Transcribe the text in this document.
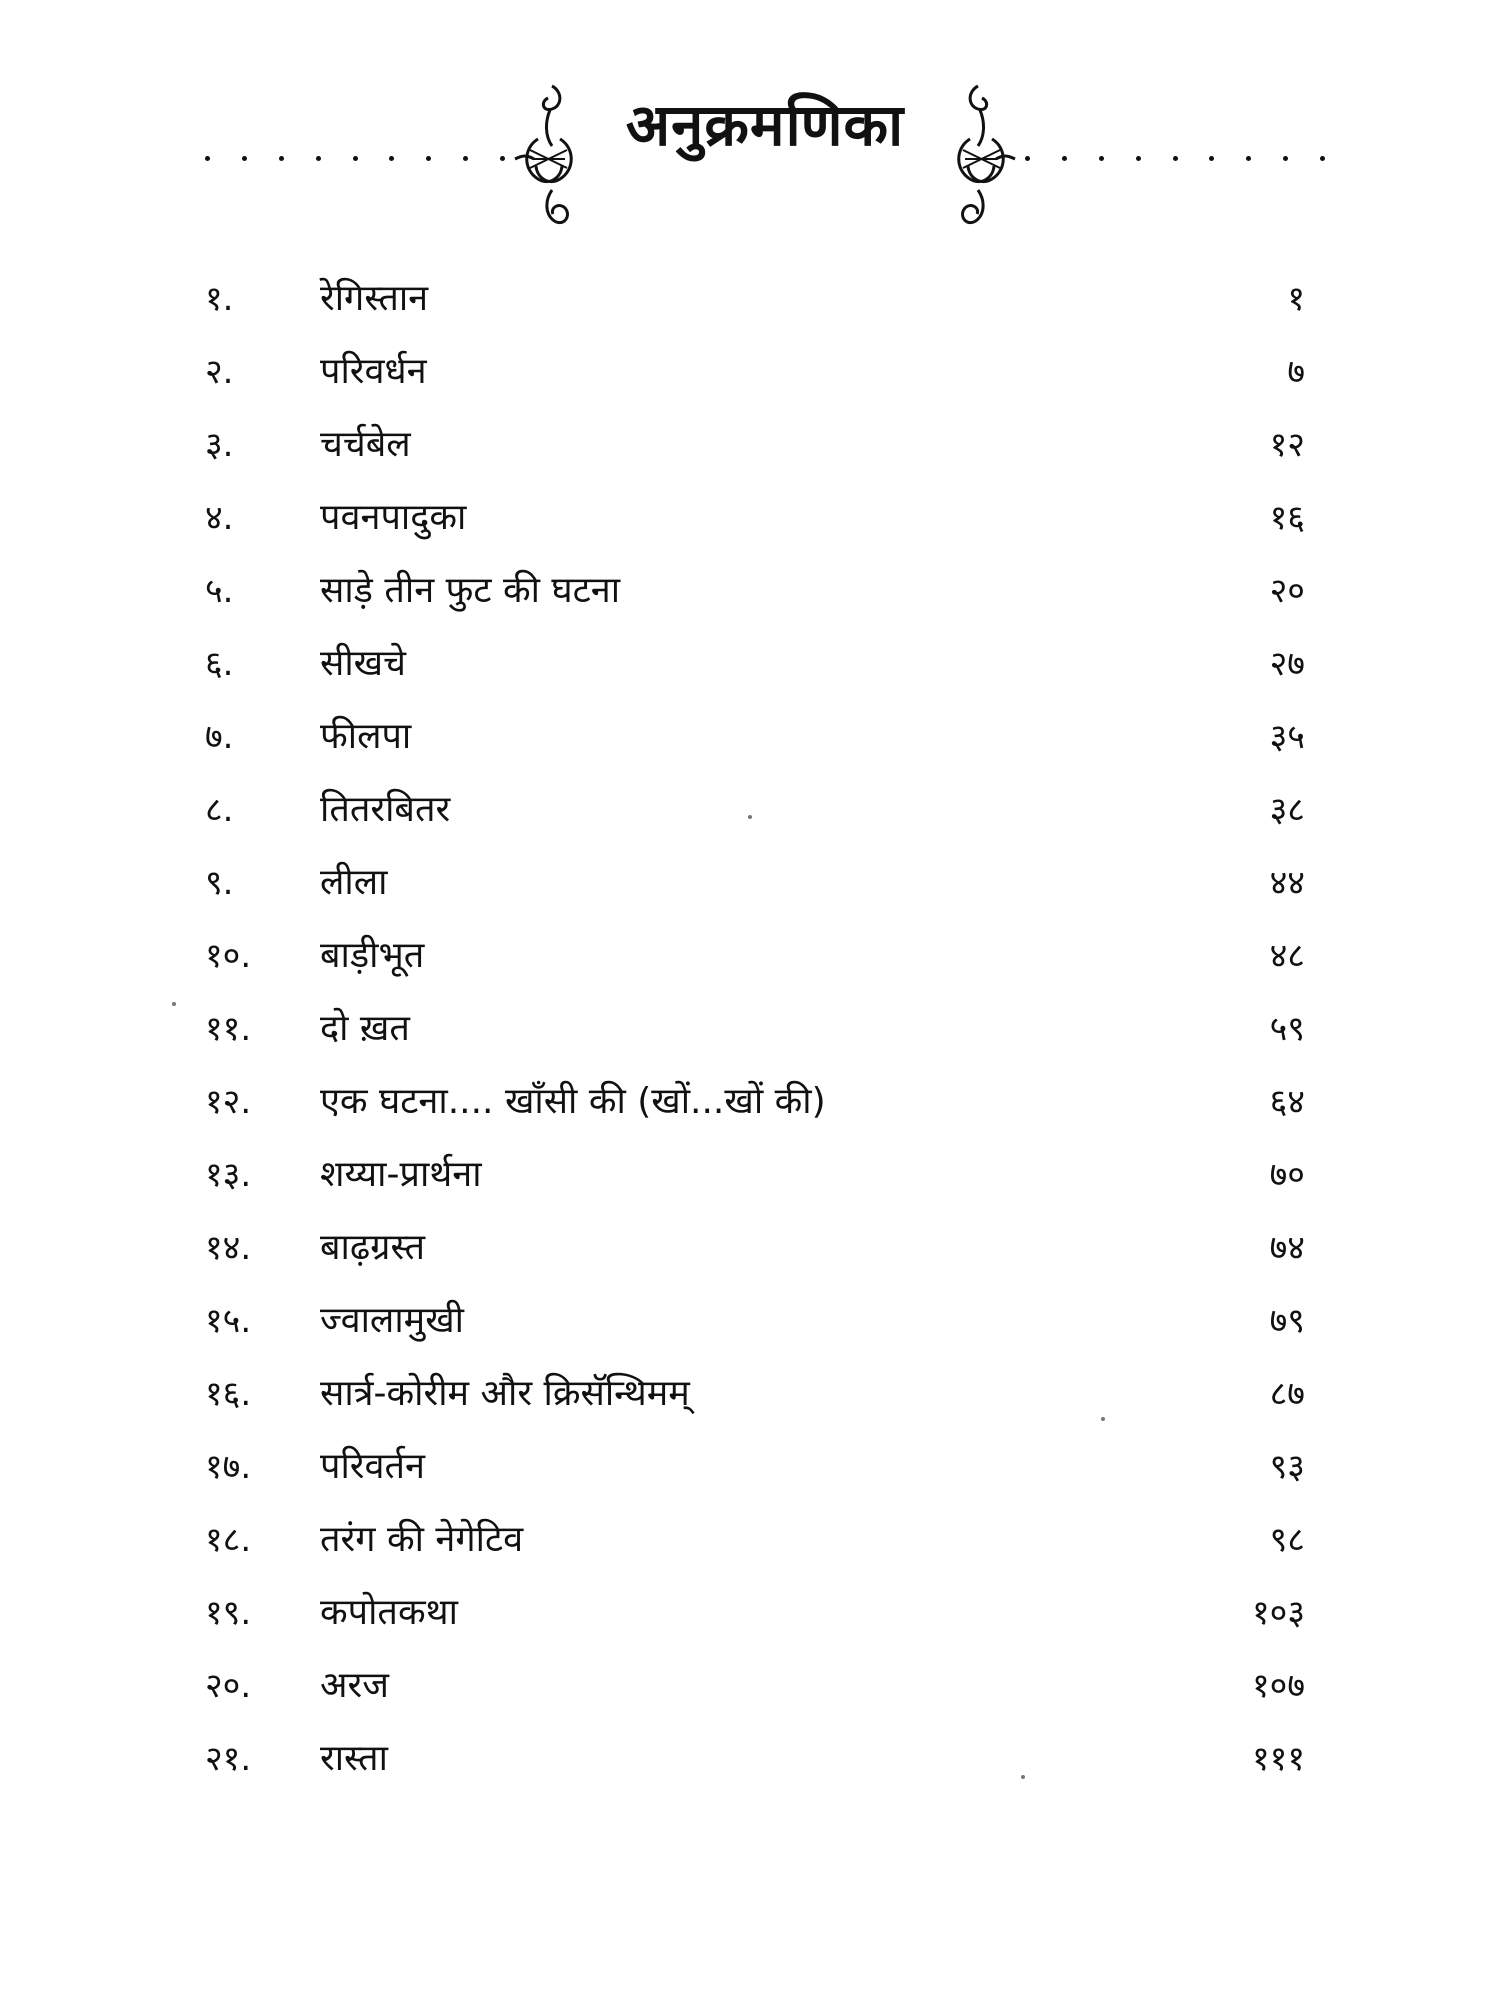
अनुक्रमणिका
१.	रेगिस्तान	१
२.	परिवर्धन	७
३.	चर्चबेल	१२
४.	पवनपादुका	१६
५.	साड़े तीन फुट की घटना	२०
६.	सीखचे	२७
७.	फीलपा	३५
८.	तितरबितर	३८
९.	लीला	४४
१०.	बाड़ीभूत	४८
११.	दो ख़त	५९
१२.	एक घटना.... खाँसी की (खों...खों की)	६४
१३.	शय्या-प्रार्थना	७०
१४.	बाढ़ग्रस्त	७४
१५.	ज्वालामुखी	७९
१६.	सार्त्र-कोरीम और क्रिसॅन्थिमम्	८७
१७.	परिवर्तन	९३
१८.	तरंग की नेगेटिव	९८
१९.	कपोतकथा	१०३
२०.	अरज	१०७
२१.	रास्ता	१११
